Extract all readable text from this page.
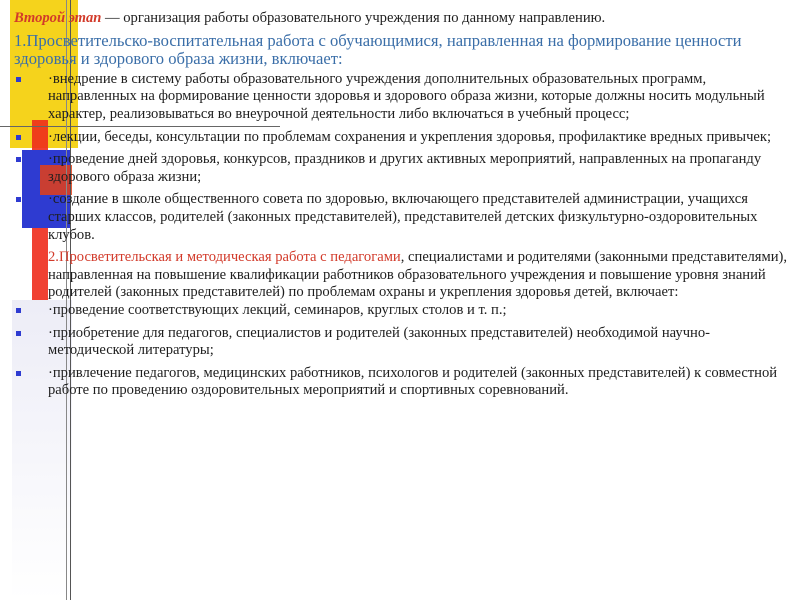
Второй этап — организация работы образовательного учреждения по данному направлению.

1.Просветительско-воспитательная работа с обучающимися, направленная на формирование ценности здоровья и здорового образа жизни, включает:

·внедрение в систему работы образовательного учреждения дополнительных образовательных программ, направленных на формирование ценности здоровья и здорового образа жизни, которые должны носить модульный характер, реализовываться во внеурочной деятельности либо включаться в учебный процесс;
·лекции, беседы, консультации по проблемам сохранения и укрепления здоровья, профилактике вредных привычек;
·проведение дней здоровья, конкурсов, праздников и других активных мероприятий, направленных на пропаганду здорового образа жизни;
·создание в школе общественного совета по здоровью, включающего представителей администрации, учащихся старших классов, родителей (законных представителей), представителей детских физкультурно-оздоровительных клубов.

2.Просветительская и методическая работа с педагогами, специалистами и родителями (законными представителями), направленная на повышение квалификации работников образовательного учреждения и повышение уровня знаний родителей (законных представителей) по проблемам охраны и укрепления здоровья детей, включает:

·проведение соответствующих лекций, семинаров, круглых столов и т. п.;
·приобретение для педагогов, специалистов и родителей (законных представителей) необходимой научно-методической литературы;
·привлечение педагогов, медицинских работников, психологов и родителей (законных представителей) к совместной работе по проведению оздоровительных мероприятий и спортивных соревнований.
